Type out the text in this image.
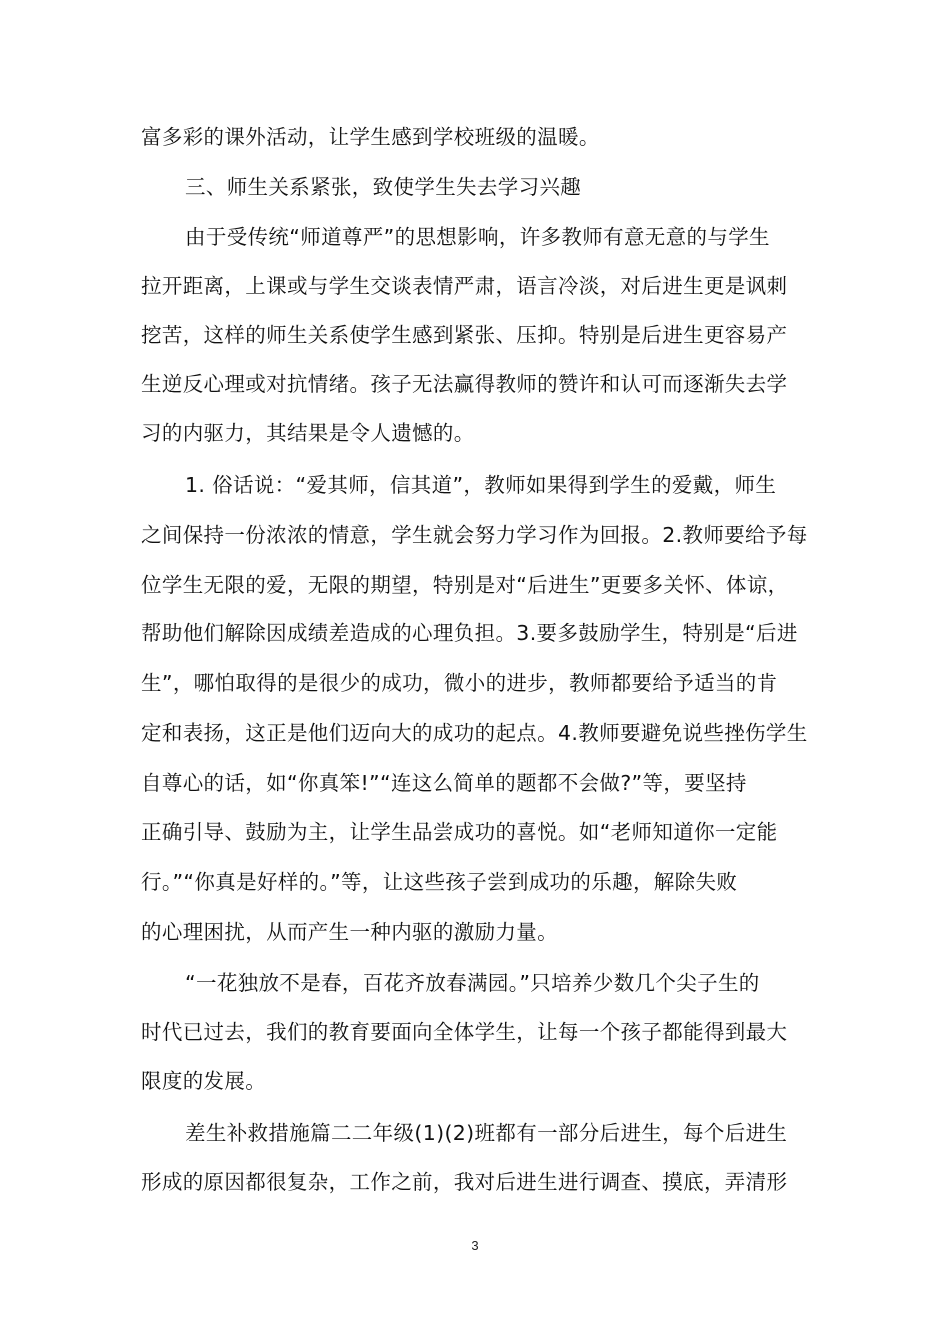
富多彩的课外活动，让学生感到学校班级的温暖。
三、师生关系紧张，致使学生失去学习兴趣
由于受传统“师道尊严”的思想影响，许多教师有意无意的与学生
拉开距离，上课或与学生交谈表情严肃，语言冷淡，对后进生更是讽刺
挖苦，这样的师生关系使学生感到紧张、压抑。特别是后进生更容易产
生逆反心理或对抗情绪。孩子无法赢得教师的赞许和认可而逐渐失去学
习的内驱力，其结果是令人遗憾的。
1. 俗话说：“爱其师，信其道”，教师如果得到学生的爱戴，师生
之间保持一份浓浓的情意，学生就会努力学习作为回报。2.教师要给予每
位学生无限的爱，无限的期望，特别是对“后进生”更要多关怀、体谅，
帮助他们解除因成绩差造成的心理负担。3.要多鼓励学生，特别是“后进
生”，哪怕取得的是很少的成功，微小的进步，教师都要给予适当的肯
定和表扬，这正是他们迈向大的成功的起点。4.教师要避免说些挫伤学生
自尊心的话，如“你真笨!”“连这么简单的题都不会做?”等，要坚持
正确引导、鼓励为主，让学生品尝成功的喜悦。如“老师知道你一定能
行。”“你真是好样的。”等，让这些孩子尝到成功的乐趣，解除失败
的心理困扰，从而产生一种内驱的激励力量。
“一花独放不是春，百花齐放春满园。”只培养少数几个尖子生的
时代已过去，我们的教育要面向全体学生，让每一个孩子都能得到最大
限度的发展。
差生补救措施篇二二年级(1)(2)班都有一部分后进生，每个后进生
形成的原因都很复杂，工作之前，我对后进生进行调查、摸底，弄清形
3
